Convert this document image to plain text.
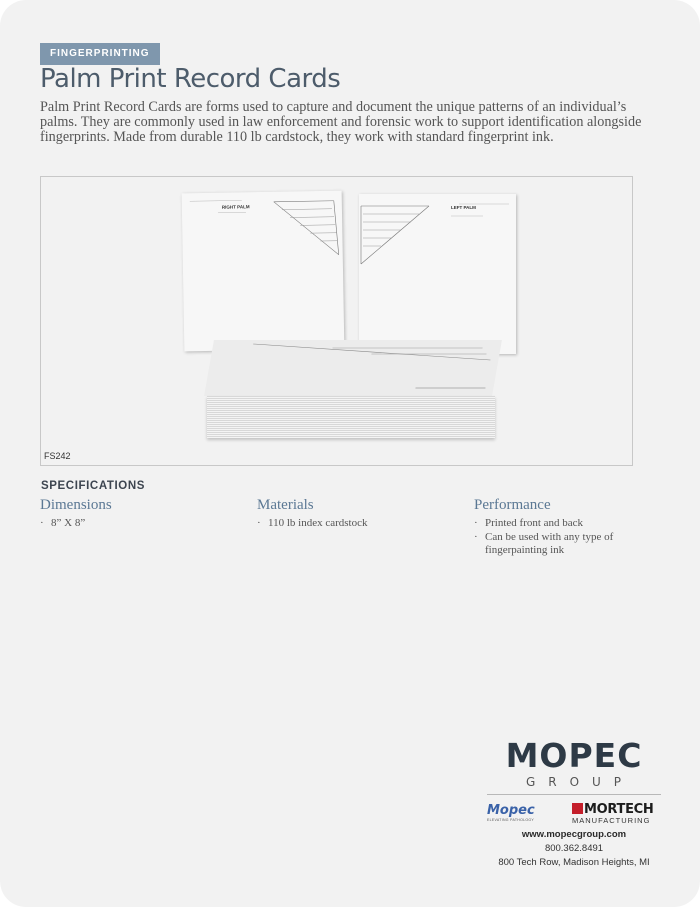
FINGERPRINTING
Palm Print Record Cards

Palm Print Record Cards are forms used to capture and document the unique patterns of an individual’s palms. They are commonly used in law enforcement and forensic work to support identification alongside fingerprints. Made from durable 110 lb cardstock, they work with standard fingerprint ink.

RIGHT PALM	LEFT PALM
FS242
SPECIFICATIONS
Dimensions
· 8” X 8”
Materials
· 110 lb index cardstock
Performance
· Printed front and back
· Can be used with any type of fingerpainting ink

MOPEC

GROUP

Mopec
ELEVATING PATHOLOGY
MORTECH
MANUFACTURING

www.mopecgroup.com

800.362.8491

800 Tech Row, Madison Heights, MI
